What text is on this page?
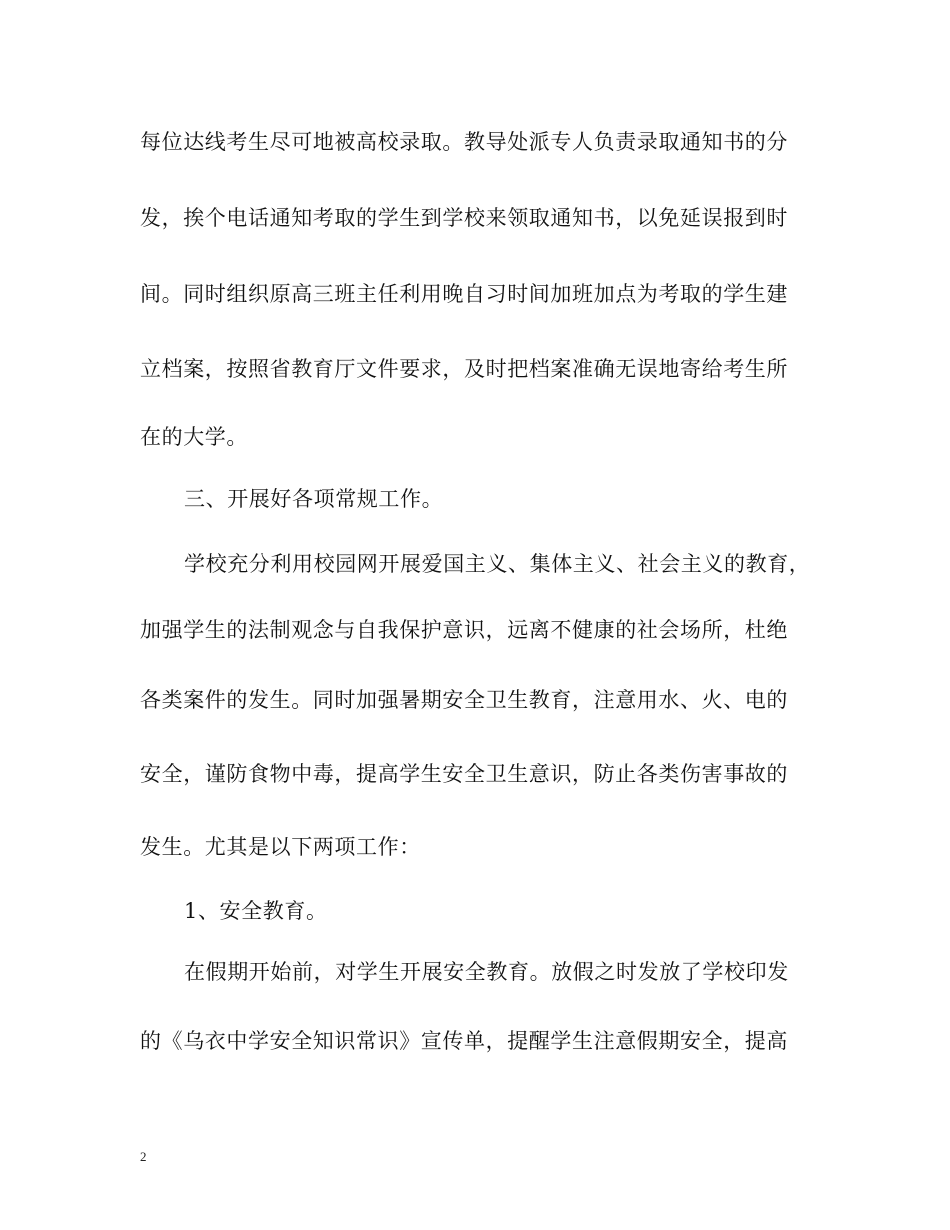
每位达线考生尽可地被高校录取。教导处派专人负责录取通知书的分
发，挨个电话通知考取的学生到学校来领取通知书，以免延误报到时
间。同时组织原高三班主任利用晚自习时间加班加点为考取的学生建
立档案，按照省教育厅文件要求，及时把档案准确无误地寄给考生所
在的大学。
三、开展好各项常规工作。
学校充分利用校园网开展爱国主义、集体主义、社会主义的教育，
加强学生的法制观念与自我保护意识，远离不健康的社会场所，杜绝
各类案件的发生。同时加强暑期安全卫生教育，注意用水、火、电的
安全，谨防食物中毒，提高学生安全卫生意识，防止各类伤害事故的
发生。尤其是以下两项工作：
1、安全教育。
在假期开始前，对学生开展安全教育。放假之时发放了学校印发
的《乌衣中学安全知识常识》宣传单，提醒学生注意假期安全，提高
2
